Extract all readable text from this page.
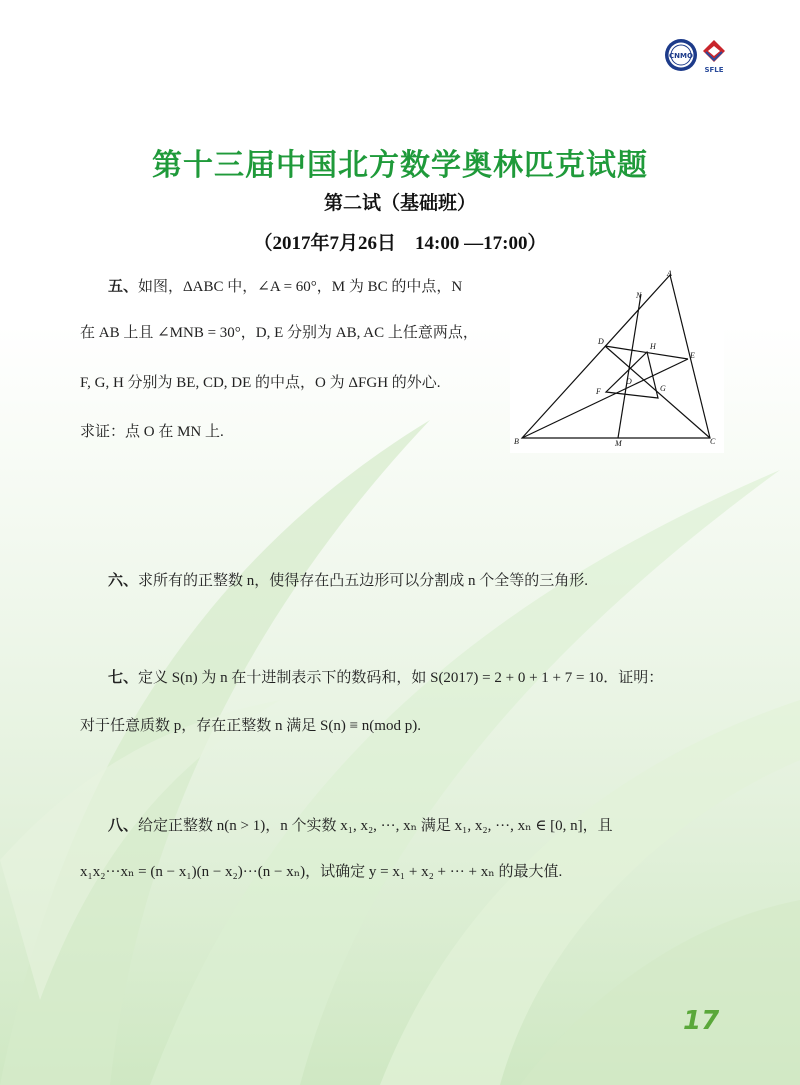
CNMO
SFLE
第十三届中国北方数学奥林匹克试题
第二试（基础班）
（2017年7月26日　14:00 —17:00）
五、如图，ΔABC 中，∠A = 60°，M 为 BC 的中点，N
在 AB 上且 ∠MNB = 30°，D, E 分别为 AB, AC 上任意两点，
F, G, H 分别为 BE, CD, DE 的中点，O 为 ΔFGH 的外心.
求证：点 O 在 MN 上.
A
B	C
D
E
F	G
H
M
N
O
六、求所有的正整数 n，使得存在凸五边形可以分割成 n 个全等的三角形.
七、定义 S(n) 为 n 在十进制表示下的数码和，如 S(2017) = 2 + 0 + 1 + 7 = 10．证明：
对于任意质数 p，存在正整数 n 满足 S(n) ≡ n(mod p).
八、给定正整数 n(n > 1)，n 个实数 x₁, x₂, ···, xₙ 满足 x₁, x₂, ···, xₙ ∈ [0, n]，且
x₁x₂···xₙ = (n − x₁)(n − x₂)···(n − xₙ)，试确定 y = x₁ + x₂ + ··· + xₙ 的最大值.
17
